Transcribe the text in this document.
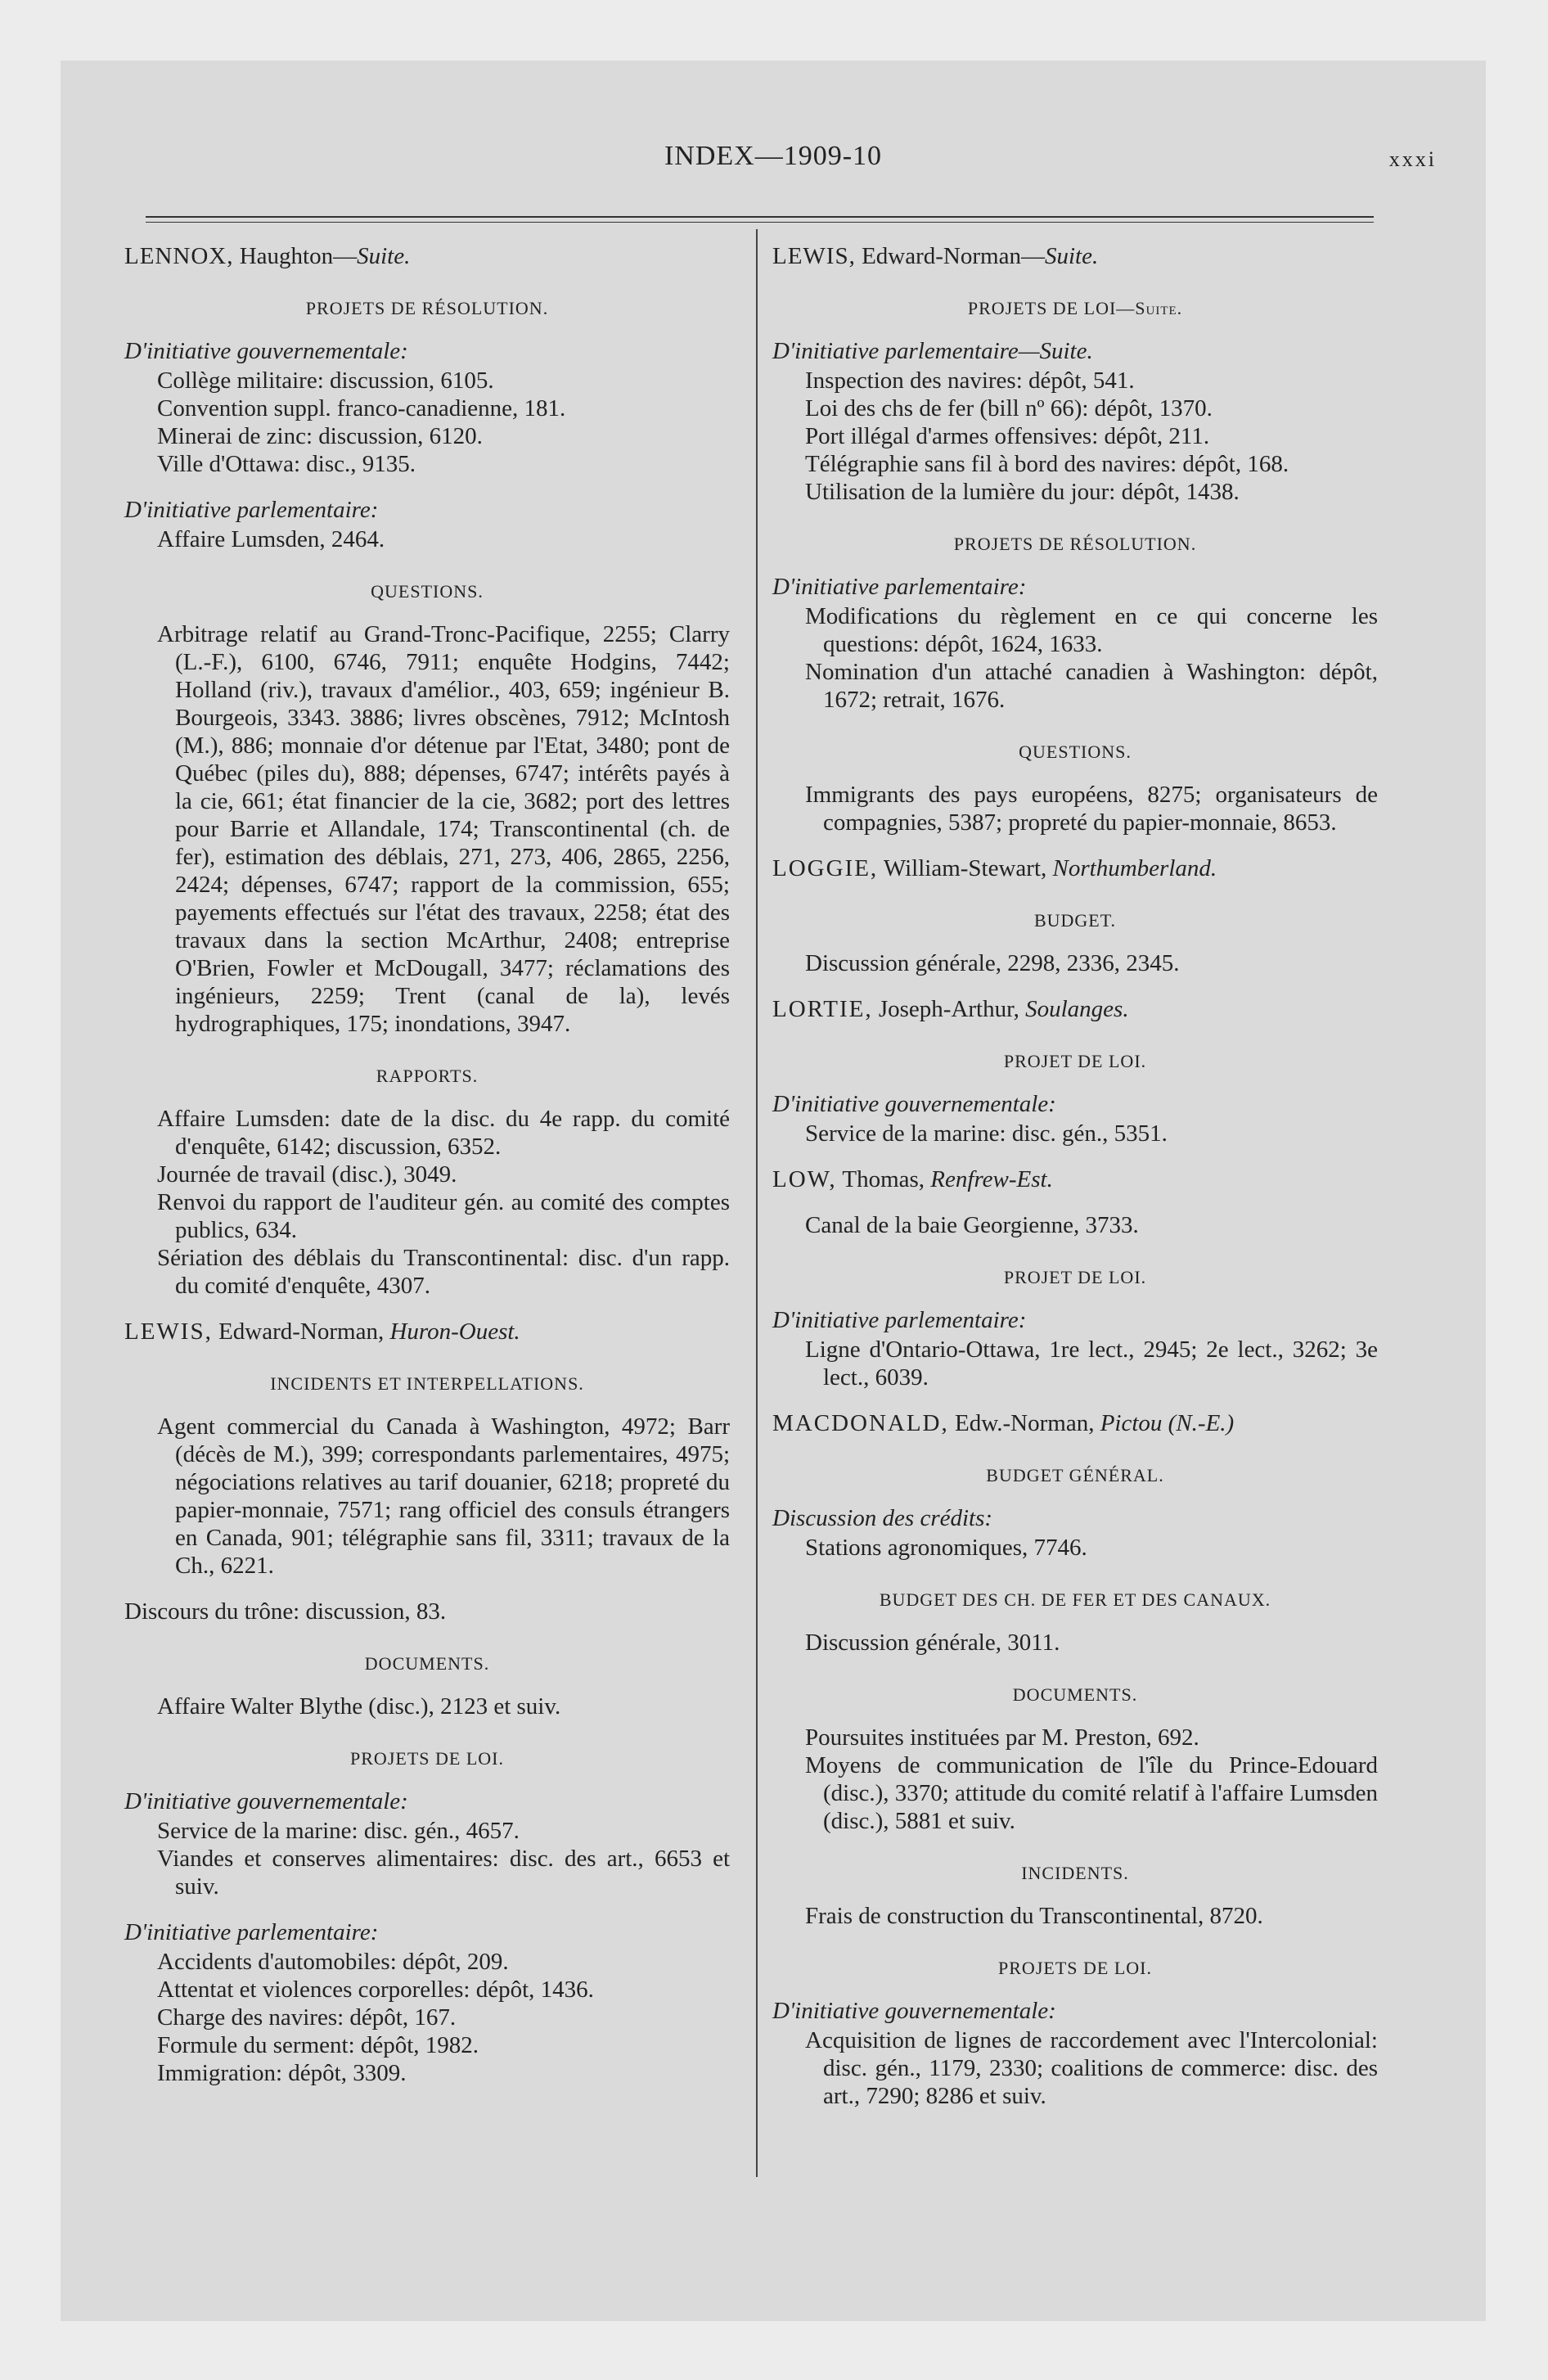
INDEX—1909-10	xxxi

LENNOX, Haughton—Suite.

PROJETS DE RÉSOLUTION.

D'initiative gouvernementale:

Collège militaire: discussion, 6105.

Convention suppl. franco-canadienne, 181.

Minerai de zinc: discussion, 6120.

Ville d'Ottawa: disc., 9135.

D'initiative parlementaire:

Affaire Lumsden, 2464.

QUESTIONS.

Arbitrage relatif au Grand-Tronc-Pacifique, 2255; Clarry (L.-F.), 6100, 6746, 7911; enquête Hodgins, 7442; Holland (riv.), travaux d'amélior., 403, 659; ingénieur B. Bourgeois, 3343. 3886; livres obscènes, 7912; McIntosh (M.), 886; monnaie d'or détenue par l'Etat, 3480; pont de Québec (piles du), 888; dépenses, 6747; intérêts payés à la cie, 661; état financier de la cie, 3682; port des lettres pour Barrie et Allandale, 174; Transcontinental (ch. de fer), estimation des déblais, 271, 273, 406, 2865, 2256, 2424; dépenses, 6747; rapport de la commission, 655; payements effectués sur l'état des travaux, 2258; état des travaux dans la section McArthur, 2408; entreprise O'Brien, Fowler et McDougall, 3477; réclamations des ingénieurs, 2259; Trent (canal de la), levés hydrographiques, 175; inondations, 3947.

RAPPORTS.

Affaire Lumsden: date de la disc. du 4e rapp. du comité d'enquête, 6142; discussion, 6352.

Journée de travail (disc.), 3049.

Renvoi du rapport de l'auditeur gén. au comité des comptes publics, 634.

Sériation des déblais du Transcontinental: disc. d'un rapp. du comité d'enquête, 4307.

LEWIS, Edward-Norman, Huron-Ouest.

INCIDENTS ET INTERPELLATIONS.

Agent commercial du Canada à Washington, 4972; Barr (décès de M.), 399; correspondants parlementaires, 4975; négociations relatives au tarif douanier, 6218; propreté du papier-monnaie, 7571; rang officiel des consuls étrangers en Canada, 901; télégraphie sans fil, 3311; travaux de la Ch., 6221.

Discours du trône: discussion, 83.

DOCUMENTS.

Affaire Walter Blythe (disc.), 2123 et suiv.

PROJETS DE LOI.

D'initiative gouvernementale:

Service de la marine: disc. gén., 4657.

Viandes et conserves alimentaires: disc. des art., 6653 et suiv.

D'initiative parlementaire:

Accidents d'automobiles: dépôt, 209.

Attentat et violences corporelles: dépôt, 1436.

Charge des navires: dépôt, 167.

Formule du serment: dépôt, 1982.

Immigration: dépôt, 3309.

LEWIS, Edward-Norman—Suite.

PROJETS DE LOI—Suite.

D'initiative parlementaire—Suite.

Inspection des navires: dépôt, 541.

Loi des chs de fer (bill nº 66): dépôt, 1370.

Port illégal d'armes offensives: dépôt, 211.

Télégraphie sans fil à bord des navires: dépôt, 168.

Utilisation de la lumière du jour: dépôt, 1438.

PROJETS DE RÉSOLUTION.

D'initiative parlementaire:

Modifications du règlement en ce qui concerne les questions: dépôt, 1624, 1633.

Nomination d'un attaché canadien à Washington: dépôt, 1672; retrait, 1676.

QUESTIONS.

Immigrants des pays européens, 8275; organisateurs de compagnies, 5387; propreté du papier-monnaie, 8653.

LOGGIE, William-Stewart, Northumberland.

BUDGET.

Discussion générale, 2298, 2336, 2345.

LORTIE, Joseph-Arthur, Soulanges.

PROJET DE LOI.

D'initiative gouvernementale:

Service de la marine: disc. gén., 5351.

LOW, Thomas, Renfrew-Est.

Canal de la baie Georgienne, 3733.

PROJET DE LOI.

D'initiative parlementaire:

Ligne d'Ontario-Ottawa, 1re lect., 2945; 2e lect., 3262; 3e lect., 6039.

MACDONALD, Edw.-Norman, Pictou (N.-E.)

BUDGET GÉNÉRAL.

Discussion des crédits:

Stations agronomiques, 7746.

BUDGET DES CH. DE FER ET DES CANAUX.

Discussion générale, 3011.

DOCUMENTS.

Poursuites instituées par M. Preston, 692.

Moyens de communication de l'île du Prince-Edouard (disc.), 3370; attitude du comité relatif à l'affaire Lumsden (disc.), 5881 et suiv.

INCIDENTS.

Frais de construction du Transcontinental, 8720.

PROJETS DE LOI.

D'initiative gouvernementale:

Acquisition de lignes de raccordement avec l'Intercolonial: disc. gén., 1179, 2330; coalitions de commerce: disc. des art., 7290; 8286 et suiv.
